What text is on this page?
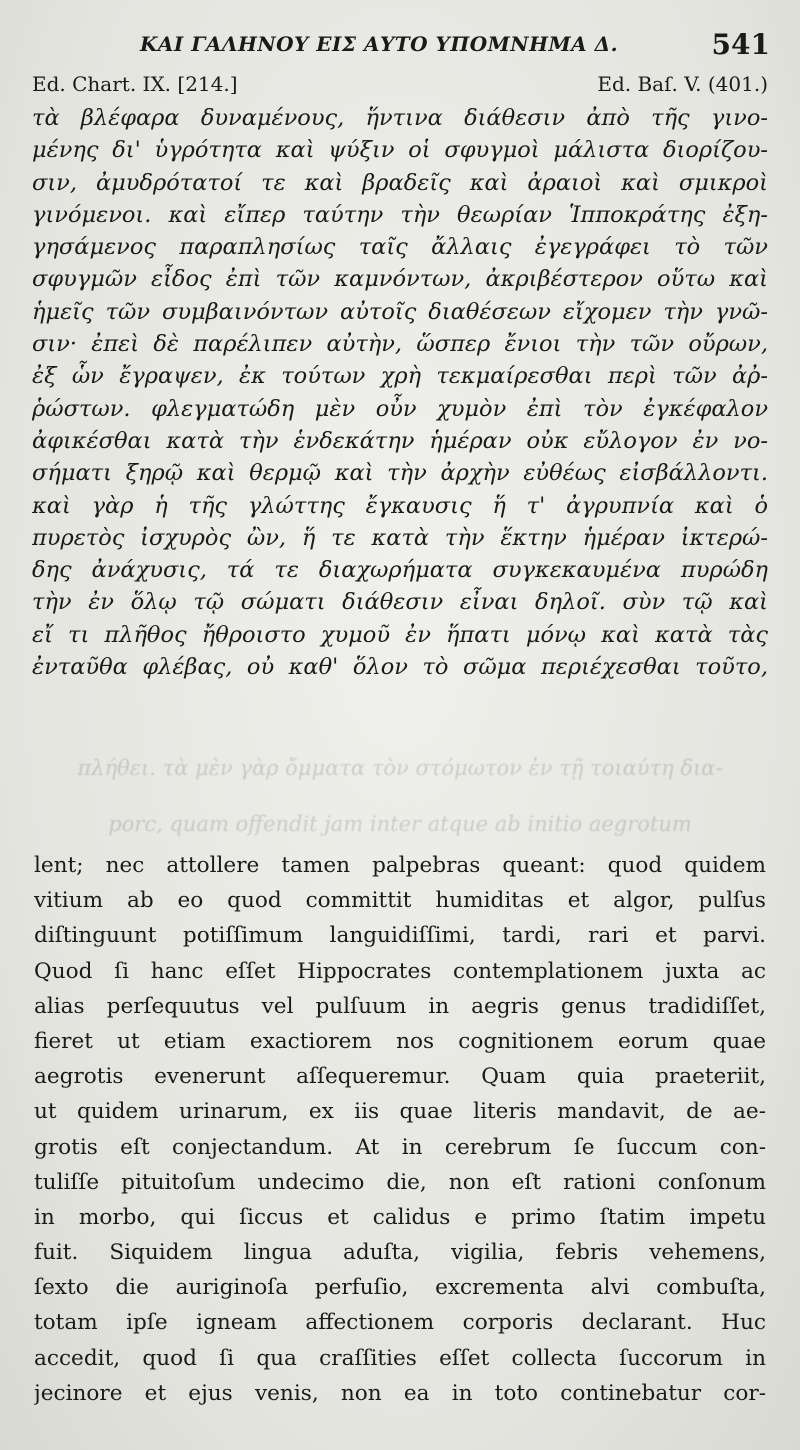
ΚΑΙ ΓΑΛΗΝΟΥ ΕΙΣ ΑΥΤΟ ΥΠΟΜΝΗΜΑ Δ.	541
Ed. Chart. IX. [214.]	Ed. Baſ. V. (401.)
τὰ βλέφαρα δυναμένους, ἥντινα διάθεσιν ἀπὸ τῆς γινο-
μένης δι' ὑγρότητα καὶ ψύξιν οἱ σφυγμοὶ μάλιστα διορίζου-
σιν, ἀμυδρότατοί τε καὶ βραδεῖς καὶ ἀραιοὶ καὶ σμικροὶ
γινόμενοι. καὶ εἴπερ ταύτην τὴν θεωρίαν Ἱπποκράτης ἐξη-
γησάμενος παραπλησίως ταῖς ἄλλαις ἐγεγράφει τὸ τῶν
σφυγμῶν εἶδος ἐπὶ τῶν καμνόντων, ἀκριβέστερον οὕτω καὶ
ἡμεῖς τῶν συμβαινόντων αὐτοῖς διαθέσεων εἴχομεν τὴν γνῶ-
σιν· ἐπεὶ δὲ παρέλιπεν αὐτὴν, ὥσπερ ἔνιοι τὴν τῶν οὔρων,
ἐξ ὧν ἔγραψεν, ἐκ τούτων χρὴ τεκμαίρεσθαι περὶ τῶν ἀῤ-
ῥώστων. φλεγματώδη μὲν οὖν χυμὸν ἐπὶ τὸν ἐγκέφαλον
ἀφικέσθαι κατὰ τὴν ἑνδεκάτην ἡμέραν οὐκ εὔλογον ἐν νο-
σήματι ξηρῷ καὶ θερμῷ καὶ τὴν ἀρχὴν εὐθέως εἰσβάλλοντι.
καὶ γὰρ ἡ τῆς γλώττης ἔγκαυσις ἥ τ' ἀγρυπνία καὶ ὁ
πυρετὸς ἰσχυρὸς ὢν, ἥ τε κατὰ τὴν ἕκτην ἡμέραν ἰκτερώ-
δης ἀνάχυσις, τά τε διαχωρήματα συγκεκαυμένα πυρώδη
τὴν ἐν ὅλῳ τῷ σώματι διάθεσιν εἶναι δηλοῖ. σὺν τῷ καὶ
εἴ τι πλῆθος ἤθροιστο χυμοῦ ἐν ἥπατι μόνῳ καὶ κατὰ τὰς
ἐνταῦθα φλέβας, οὐ καθ' ὅλον τὸ σῶμα περιέχεσθαι τοῦτο,
πλήθει. τὰ μὲν γὰρ ὄμματα τὸν στόμωτον ἐν τῇ τοιαύτη δια-
porc, quam offendit jam inter atque ab initio aegrotum
lent; nec attollere tamen palpebras queant: quod quidem
vitium ab eo quod committit humiditas et algor, pulſus
diſtinguunt potiſſimum languidiſſimi, tardi, rari et parvi.
Quod ſi hanc eſſet Hippocrates contemplationem juxta ac
alias perſequutus vel pulſuum in aegris genus tradidiſſet,
fieret ut etiam exactiorem nos cognitionem eorum quae
aegrotis evenerunt aſſequeremur. Quam quia praeteriit,
ut quidem urinarum, ex iis quae literis mandavit, de ae-
grotis eſt conjectandum. At in cerebrum ſe ſuccum con-
tuliſſe pituitoſum undecimo die, non eſt rationi conſonum
in morbo, qui ſiccus et calidus e primo ſtatim impetu
fuit. Siquidem lingua aduſta, vigilia, febris vehemens,
ſexto die auriginoſa perfuſio, excrementa alvi combuſta,
totam ipſe igneam affectionem corporis declarant. Huc
accedit, quod ſi qua craſſities eſſet collecta ſuccorum in
jecinore et ejus venis, non ea in toto continebatur cor-
